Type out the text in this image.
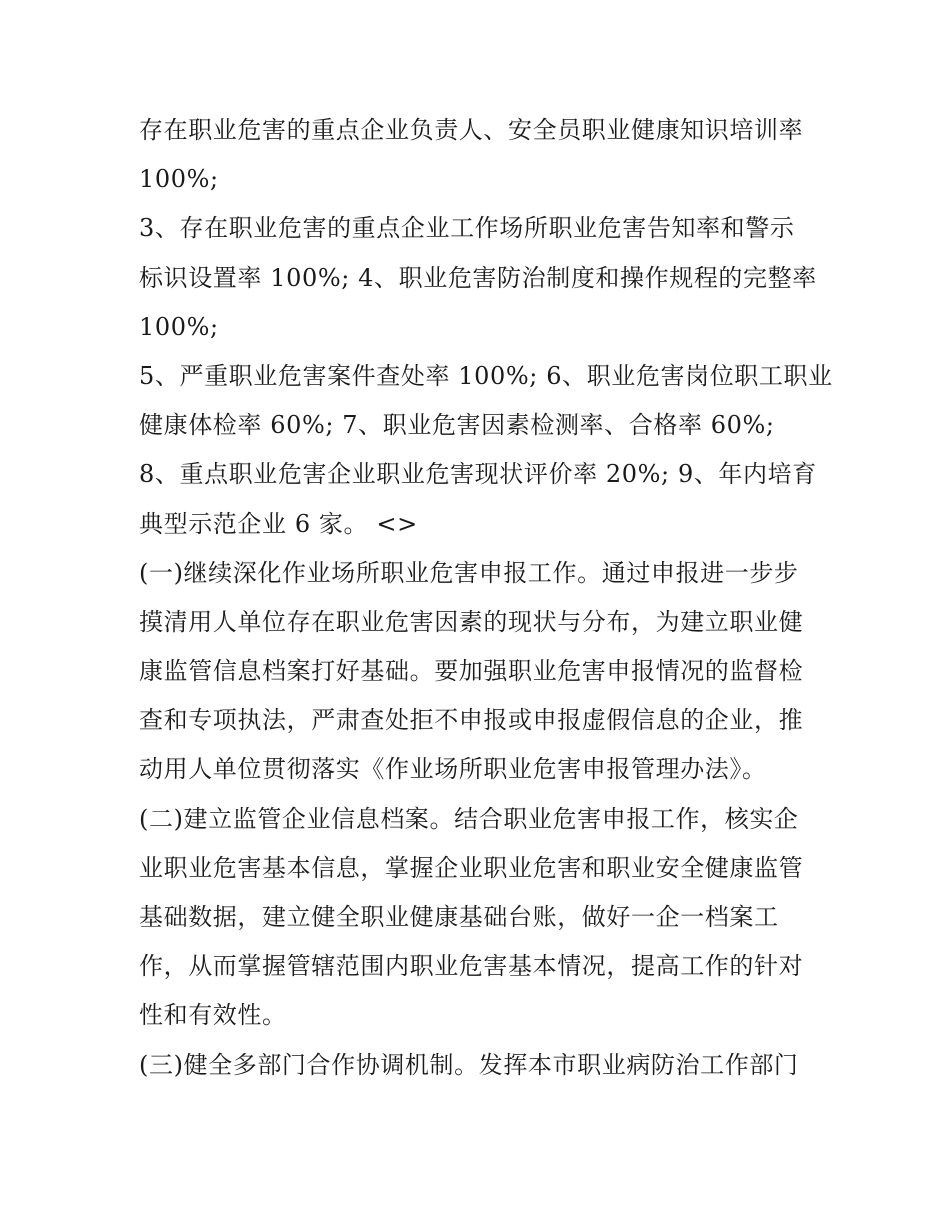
存在职业危害的重点企业负责人、安全员职业健康知识培训率
100%;
3、存在职业危害的重点企业工作场所职业危害告知率和警示
标识设置率 100%; 4、职业危害防治制度和操作规程的完整率
100%;
5、严重职业危害案件查处率 100%; 6、职业危害岗位职工职业
健康体检率 60%; 7、职业危害因素检测率、合格率 60%;
8、重点职业危害企业职业危害现状评价率 20%; 9、年内培育
典型示范企业 6 家。 <>
(一)继续深化作业场所职业危害申报工作。通过申报进一步步
摸清用人单位存在职业危害因素的现状与分布，为建立职业健
康监管信息档案打好基础。要加强职业危害申报情况的监督检
查和专项执法，严肃查处拒不申报或申报虚假信息的企业，推
动用人单位贯彻落实《作业场所职业危害申报管理办法》。
(二)建立监管企业信息档案。结合职业危害申报工作，核实企
业职业危害基本信息，掌握企业职业危害和职业安全健康监管
基础数据，建立健全职业健康基础台账，做好一企一档案工
作，从而掌握管辖范围内职业危害基本情况，提高工作的针对
性和有效性。
(三)健全多部门合作协调机制。发挥本市职业病防治工作部门
